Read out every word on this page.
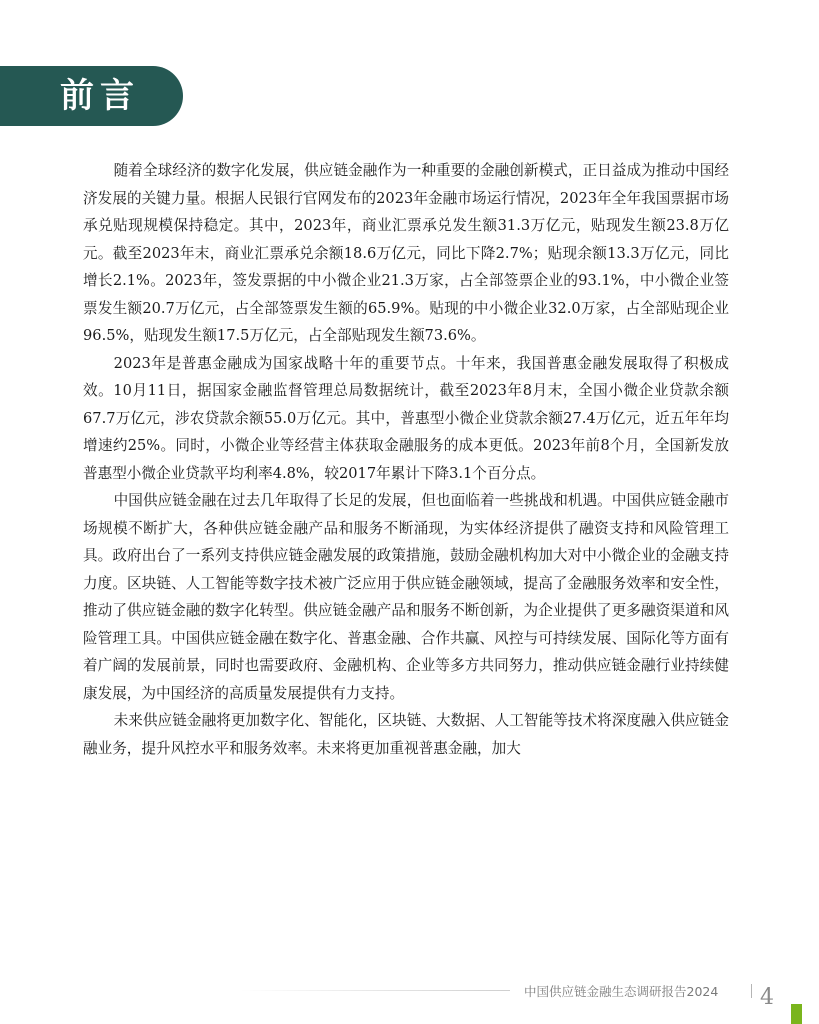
前言

随着全球经济的数字化发展，供应链金融作为一种重要的金融创新模式，正日益成为推动中国经济发展的关键力量。根据人民银行官网发布的2023年金融市场运行情况，2023年全年我国票据市场承兑贴现规模保持稳定。其中，2023年，商业汇票承兑发生额31.3万亿元，贴现发生额23.8万亿元。截至2023年末，商业汇票承兑余额18.6万亿元，同比下降2.7%；贴现余额13.3万亿元，同比增长2.1%。2023年，签发票据的中小微企业21.3万家，占全部签票企业的93.1%，中小微企业签票发生额20.7万亿元，占全部签票发生额的65.9%。贴现的中小微企业32.0万家，占全部贴现企业96.5%，贴现发生额17.5万亿元，占全部贴现发生额73.6%。

2023年是普惠金融成为国家战略十年的重要节点。十年来，我国普惠金融发展取得了积极成效。10月11日，据国家金融监督管理总局数据统计，截至2023年8月末，全国小微企业贷款余额67.7万亿元，涉农贷款余额55.0万亿元。其中，普惠型小微企业贷款余额27.4万亿元，近五年年均增速约25%。同时，小微企业等经营主体获取金融服务的成本更低。2023年前8个月，全国新发放普惠型小微企业贷款平均利率4.8%，较2017年累计下降3.1个百分点。

中国供应链金融在过去几年取得了长足的发展，但也面临着一些挑战和机遇。中国供应链金融市场规模不断扩大，各种供应链金融产品和服务不断涌现，为实体经济提供了融资支持和风险管理工具。政府出台了一系列支持供应链金融发展的政策措施，鼓励金融机构加大对中小微企业的金融支持力度。区块链、人工智能等数字技术被广泛应用于供应链金融领域，提高了金融服务效率和安全性，推动了供应链金融的数字化转型。供应链金融产品和服务不断创新，为企业提供了更多融资渠道和风险管理工具。中国供应链金融在数字化、普惠金融、合作共赢、风控与可持续发展、国际化等方面有着广阔的发展前景，同时也需要政府、金融机构、企业等多方共同努力，推动供应链金融行业持续健康发展，为中国经济的高质量发展提供有力支持。

未来供应链金融将更加数字化、智能化，区块链、大数据、人工智能等技术将深度融入供应链金融业务，提升风控水平和服务效率。未来将更加重视普惠金融，加大

中国供应链金融生态调研报告2024 4
